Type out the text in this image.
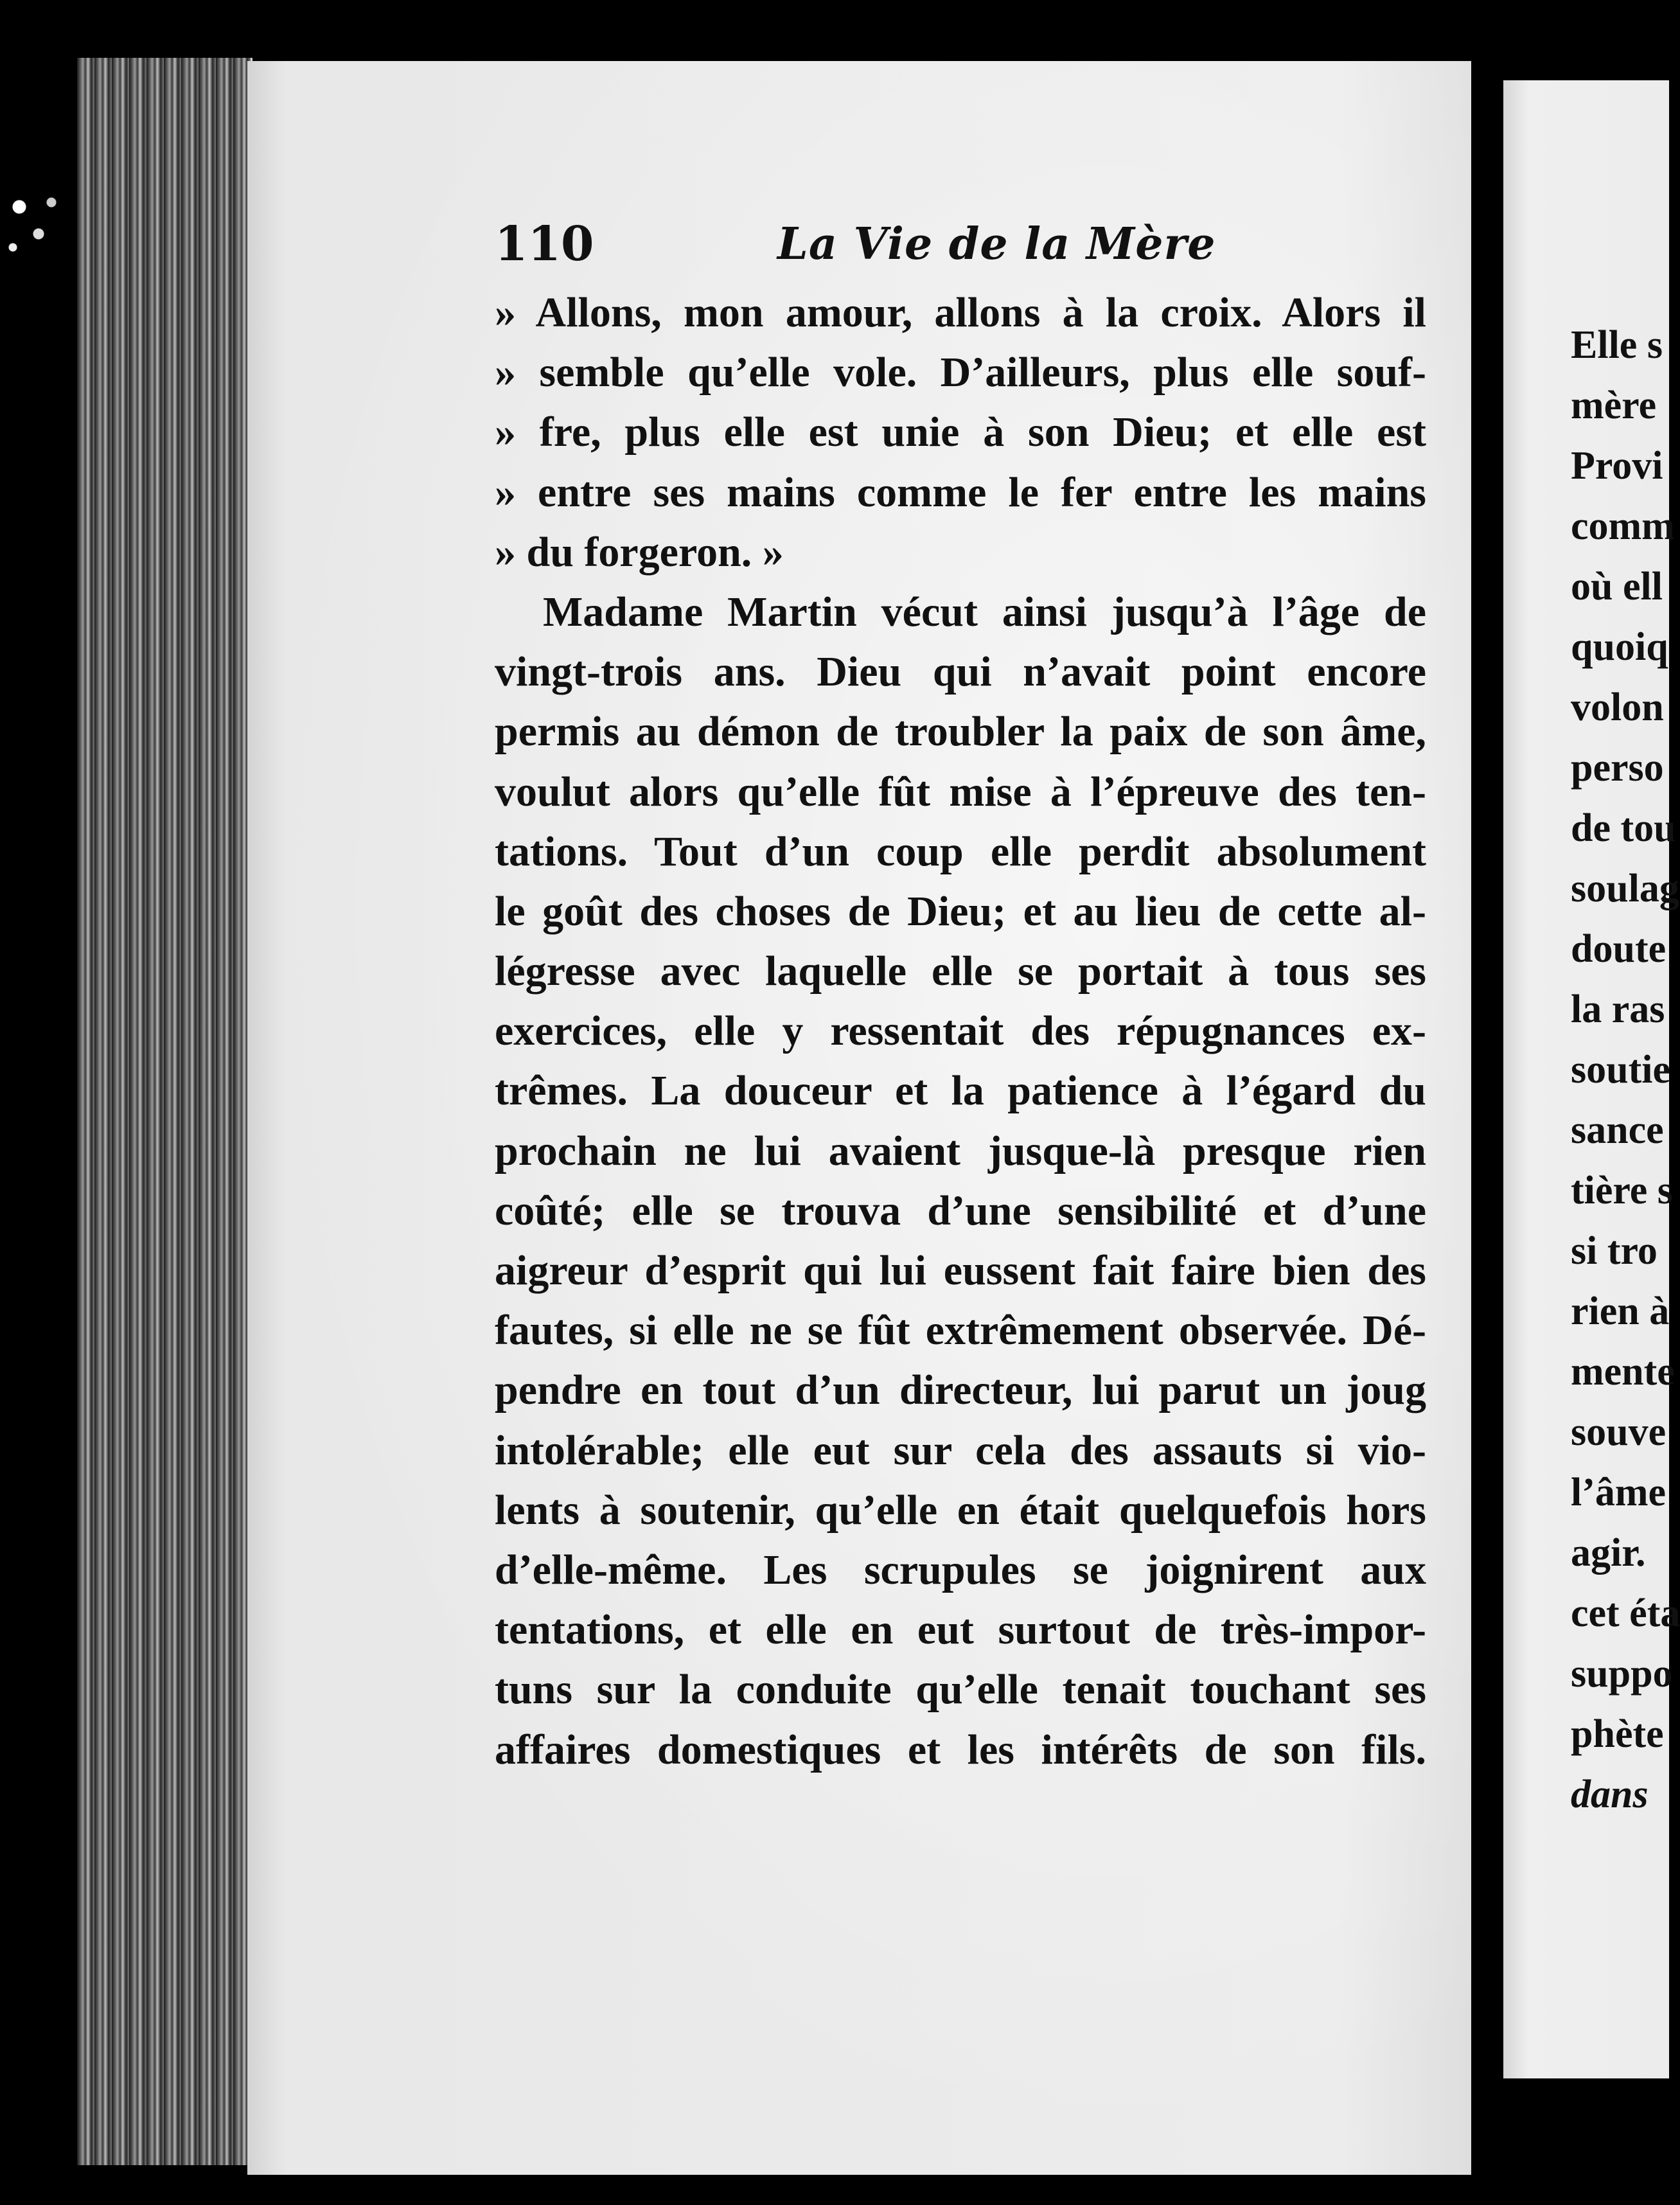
110	La Vie de la Mère
» Allons, mon amour, allons à la croix. Alors il
» semble qu’elle vole. D’ailleurs, plus elle souf-
» fre, plus elle est unie à son Dieu; et elle est
» entre ses mains comme le fer entre les mains
» du forgeron. »
Madame Martin vécut ainsi jusqu’à l’âge de
vingt-trois ans. Dieu qui n’avait point encore
permis au démon de troubler la paix de son âme,
voulut alors qu’elle fût mise à l’épreuve des ten-
tations. Tout d’un coup elle perdit absolument
le goût des choses de Dieu; et au lieu de cette al-
légresse avec laquelle elle se portait à tous ses
exercices, elle y ressentait des répugnances ex-
trêmes. La douceur et la patience à l’égard du
prochain ne lui avaient jusque-là presque rien
coûté; elle se trouva d’une sensibilité et d’une
aigreur d’esprit qui lui eussent fait faire bien des
fautes, si elle ne se fût extrêmement observée. Dé-
pendre en tout d’un directeur, lui parut un joug
intolérable; elle eut sur cela des assauts si vio-
lents à soutenir, qu’elle en était quelquefois hors
d’elle-même. Les scrupules se joignirent aux
tentations, et elle en eut surtout de très-impor-
tuns sur la conduite qu’elle tenait touchant ses
affaires domestiques et les intérêts de son fils.
Elle s
mère
Provi
comm
où ell
quoiq
volon
perso
de tou
soulag
doute
la ras
soutie
sance
tière s
si tro
rien à
mente
souve
l’âme
agir.
cet éta
suppo
phète
dans
